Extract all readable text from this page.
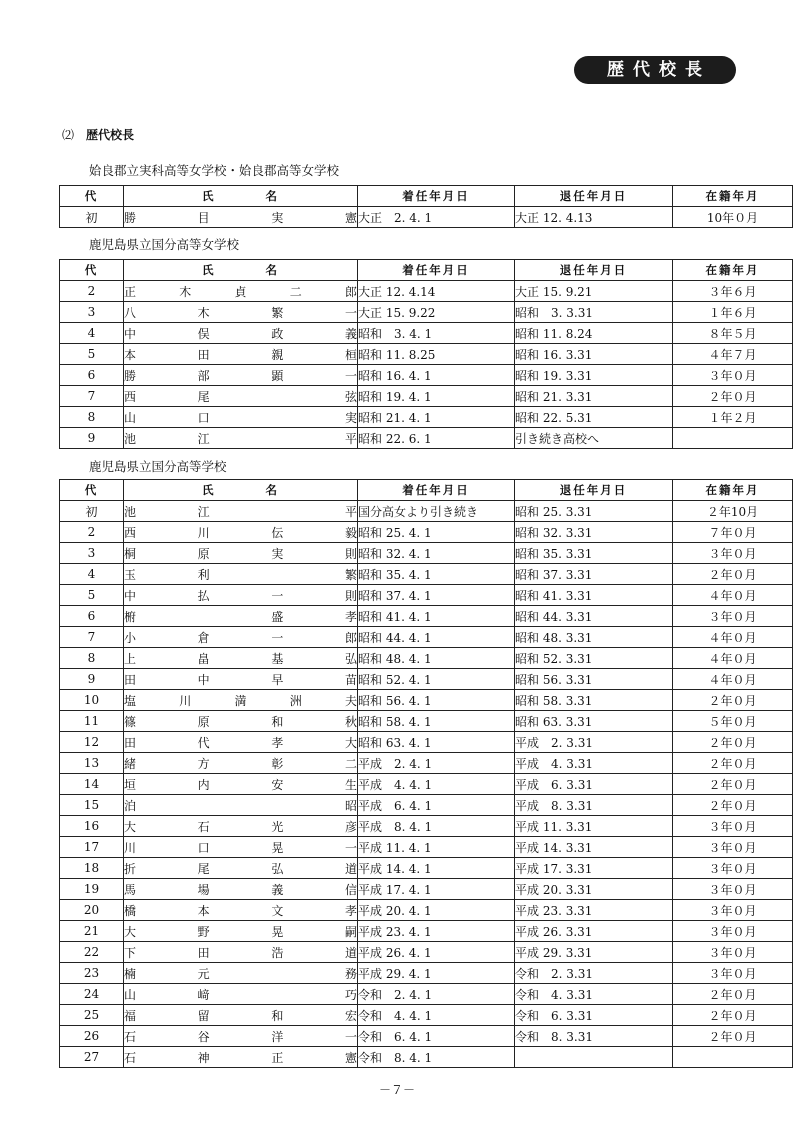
歴代校長
⑵ 歴代校長
姶良郡立実科高等女学校・姶良郡高等女学校
代	氏 名	着任年月日	退任年月日	在籍年月
初	勝 目 実 憲	大正　2. 4. 1	大正 12. 4.13	10年０月
鹿児島県立国分高等女学校
代	氏 名	着任年月日	退任年月日	在籍年月
2	正 木 貞 二 郎	大正 12. 4.14	大正 15. 9.21	３年６月
3	八 木 繁 一	大正 15. 9.22	昭和　3. 3.31	１年６月
4	中 俣 政 義	昭和　3. 4. 1	昭和 11. 8.24	８年５月
5	本 田 親 桓	昭和 11. 8.25	昭和 16. 3.31	４年７月
6	勝 部 顕 一	昭和 16. 4. 1	昭和 19. 3.31	３年０月
7	西 尾 弦	昭和 19. 4. 1	昭和 21. 3.31	２年０月
8	山 口 実	昭和 21. 4. 1	昭和 22. 5.31	１年２月
9	池 江 平	昭和 22. 6. 1	引き続き高校へ	
鹿児島県立国分高等学校
代	氏 名	着任年月日	退任年月日	在籍年月
初	池 江 平	国分高女より引き続き	昭和 25. 3.31	２年10月
2	西 川 伝 毅	昭和 25. 4. 1	昭和 32. 3.31	７年０月
3	桐 原 実 則	昭和 32. 4. 1	昭和 35. 3.31	３年０月
4	玉 利 繁	昭和 35. 4. 1	昭和 37. 3.31	２年０月
5	中 払 一 則	昭和 37. 4. 1	昭和 41. 3.31	４年０月
6	椨 盛 孝	昭和 41. 4. 1	昭和 44. 3.31	３年０月
7	小 倉 一 郎	昭和 44. 4. 1	昭和 48. 3.31	４年０月
8	上 畠 基 弘	昭和 48. 4. 1	昭和 52. 3.31	４年０月
9	田 中 早 苗	昭和 52. 4. 1	昭和 56. 3.31	４年０月
10	塩 川 満 洲 夫	昭和 56. 4. 1	昭和 58. 3.31	２年０月
11	篠 原 和 秋	昭和 58. 4. 1	昭和 63. 3.31	５年０月
12	田 代 孝 大	昭和 63. 4. 1	平成　2. 3.31	２年０月
13	緒 方 彰 二	平成　2. 4. 1	平成　4. 3.31	２年０月
14	垣 内 安 生	平成　4. 4. 1	平成　6. 3.31	２年０月
15	泊 昭	平成　6. 4. 1	平成　8. 3.31	２年０月
16	大 石 光 彦	平成　8. 4. 1	平成 11. 3.31	３年０月
17	川 口 晃 一	平成 11. 4. 1	平成 14. 3.31	３年０月
18	折 尾 弘 道	平成 14. 4. 1	平成 17. 3.31	３年０月
19	馬 場 義 信	平成 17. 4. 1	平成 20. 3.31	３年０月
20	橋 本 文 孝	平成 20. 4. 1	平成 23. 3.31	３年０月
21	大 野 晃 嗣	平成 23. 4. 1	平成 26. 3.31	３年０月
22	下 田 浩 道	平成 26. 4. 1	平成 29. 3.31	３年０月
23	楠 元 務	平成 29. 4. 1	令和　2. 3.31	３年０月
24	山 﨑 巧	令和　2. 4. 1	令和　4. 3.31	２年０月
25	福 留 和 宏	令和　4. 4. 1	令和　6. 3.31	２年０月
26	石 谷 洋 一	令和　6. 4. 1	令和　8. 3.31	２年０月
27	石 神 正 憲	令和　8. 4. 1		
－７－
